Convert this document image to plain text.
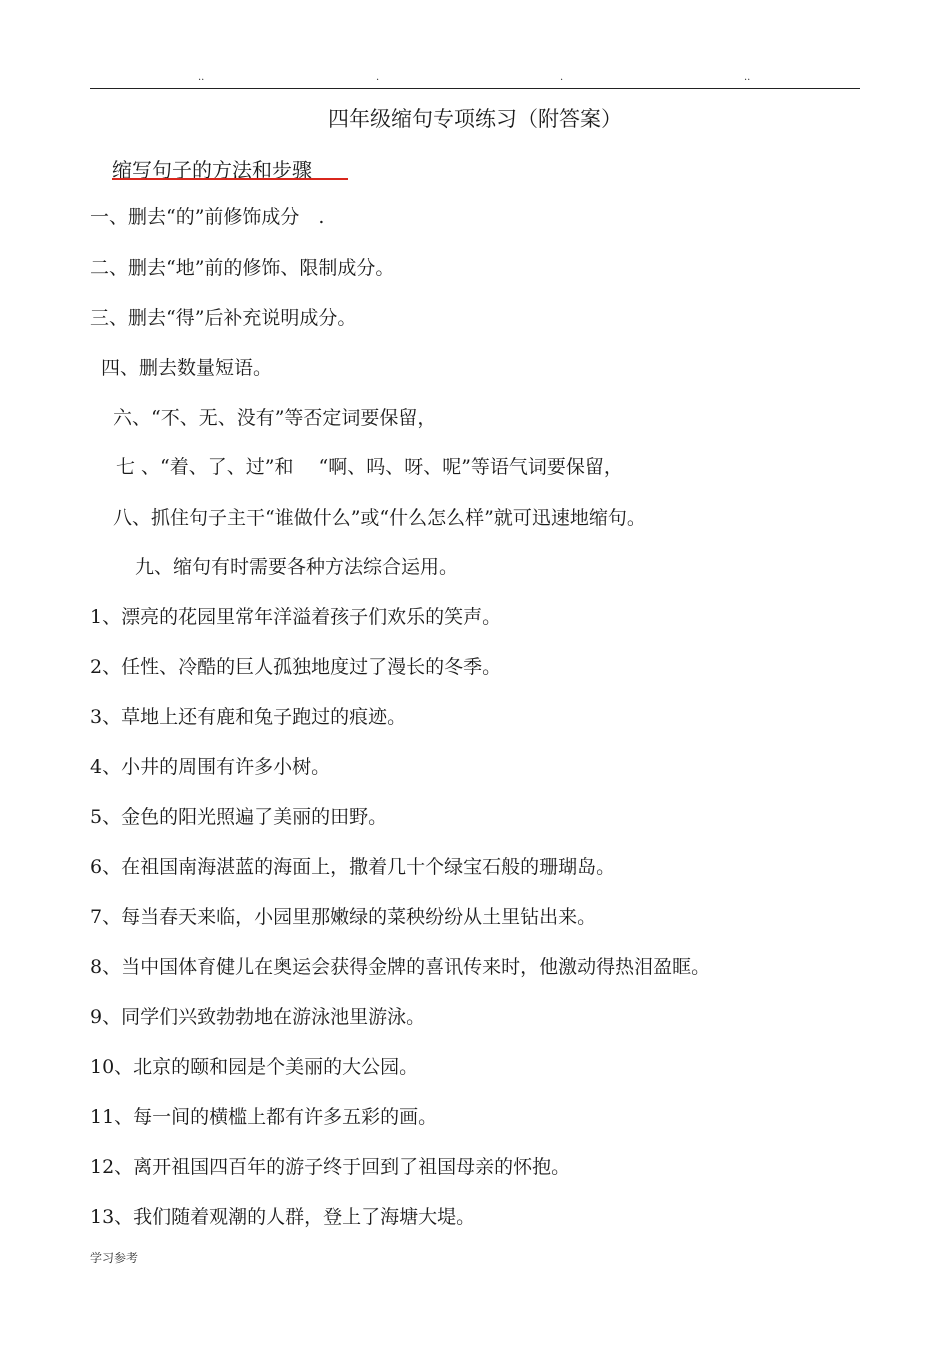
..	.	.	..
四年级缩句专项练习（附答案）
缩写句子的方法和步骤
一、删去“的”前修饰成分　.
二、删去“地”前的修饰、限制成分。
三、删去“得”后补充说明成分。
四、删去数量短语。
六、“不、无、没有”等否定词要保留，
七 、“着、了、过”和　 “啊、吗、呀、呢”等语气词要保留，
八、抓住句子主干“谁做什么”或“什么怎么样”就可迅速地缩句。
九、缩句有时需要各种方法综合运用。
1、漂亮的花园里常年洋溢着孩子们欢乐的笑声。
2、任性、冷酷的巨人孤独地度过了漫长的冬季。
3、草地上还有鹿和兔子跑过的痕迹。
4、小井的周围有许多小树。
5、金色的阳光照遍了美丽的田野。
6、在祖国南海湛蓝的海面上，撒着几十个绿宝石般的珊瑚岛。
7、每当春天来临，小园里那嫩绿的菜秧纷纷从土里钻出来。
8、当中国体育健儿在奥运会获得金牌的喜讯传来时，他激动得热泪盈眶。
9、同学们兴致勃勃地在游泳池里游泳。
10、北京的颐和园是个美丽的大公园。
11、每一间的横槛上都有许多五彩的画。
12、离开祖国四百年的游子终于回到了祖国母亲的怀抱。
13、我们随着观潮的人群，登上了海塘大堤。
学习参考
